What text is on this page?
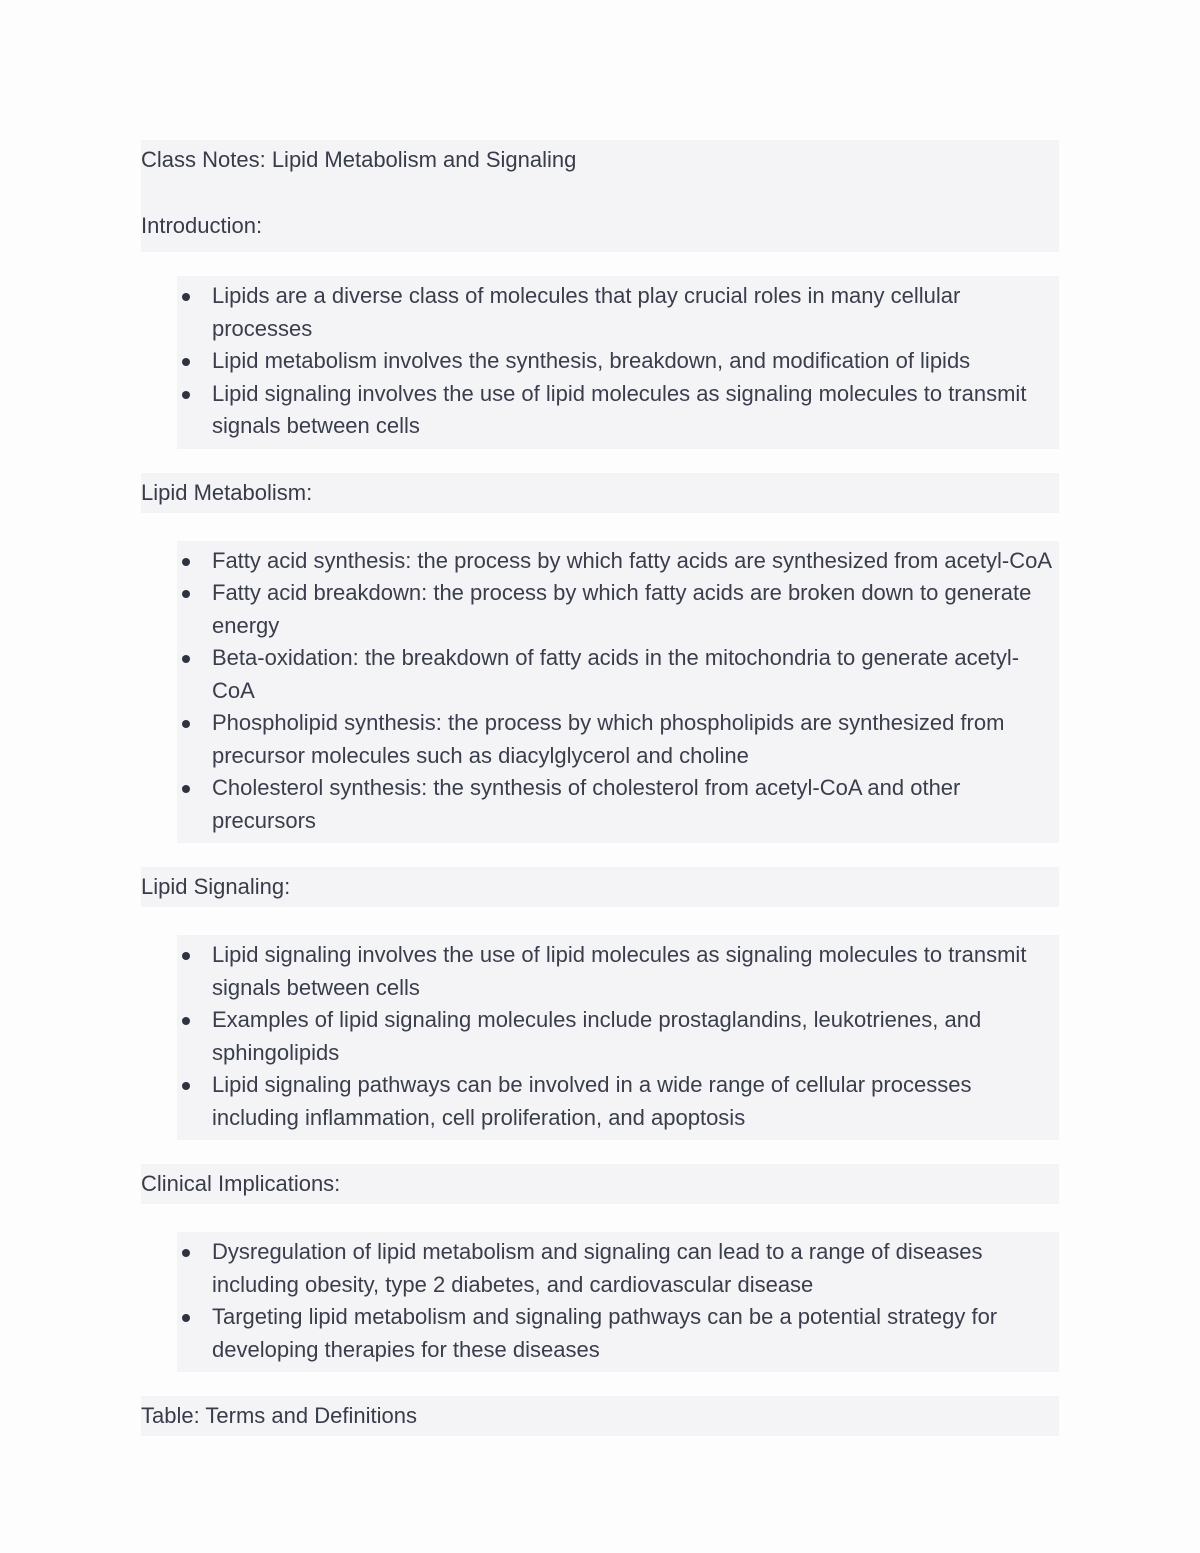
Class Notes: Lipid Metabolism and Signaling

Introduction:

Lipids are a diverse class of molecules that play crucial roles in many cellular processes
Lipid metabolism involves the synthesis, breakdown, and modification of lipids
Lipid signaling involves the use of lipid molecules as signaling molecules to transmit signals between cells

Lipid Metabolism:

Fatty acid synthesis: the process by which fatty acids are synthesized from acetyl-CoA
Fatty acid breakdown: the process by which fatty acids are broken down to generate energy
Beta-oxidation: the breakdown of fatty acids in the mitochondria to generate acetyl-CoA
Phospholipid synthesis: the process by which phospholipids are synthesized from precursor molecules such as diacylglycerol and choline
Cholesterol synthesis: the synthesis of cholesterol from acetyl-CoA and other precursors

Lipid Signaling:

Lipid signaling involves the use of lipid molecules as signaling molecules to transmit signals between cells
Examples of lipid signaling molecules include prostaglandins, leukotrienes, and sphingolipids
Lipid signaling pathways can be involved in a wide range of cellular processes including inflammation, cell proliferation, and apoptosis

Clinical Implications:

Dysregulation of lipid metabolism and signaling can lead to a range of diseases including obesity, type 2 diabetes, and cardiovascular disease
Targeting lipid metabolism and signaling pathways can be a potential strategy for developing therapies for these diseases

Table: Terms and Definitions
